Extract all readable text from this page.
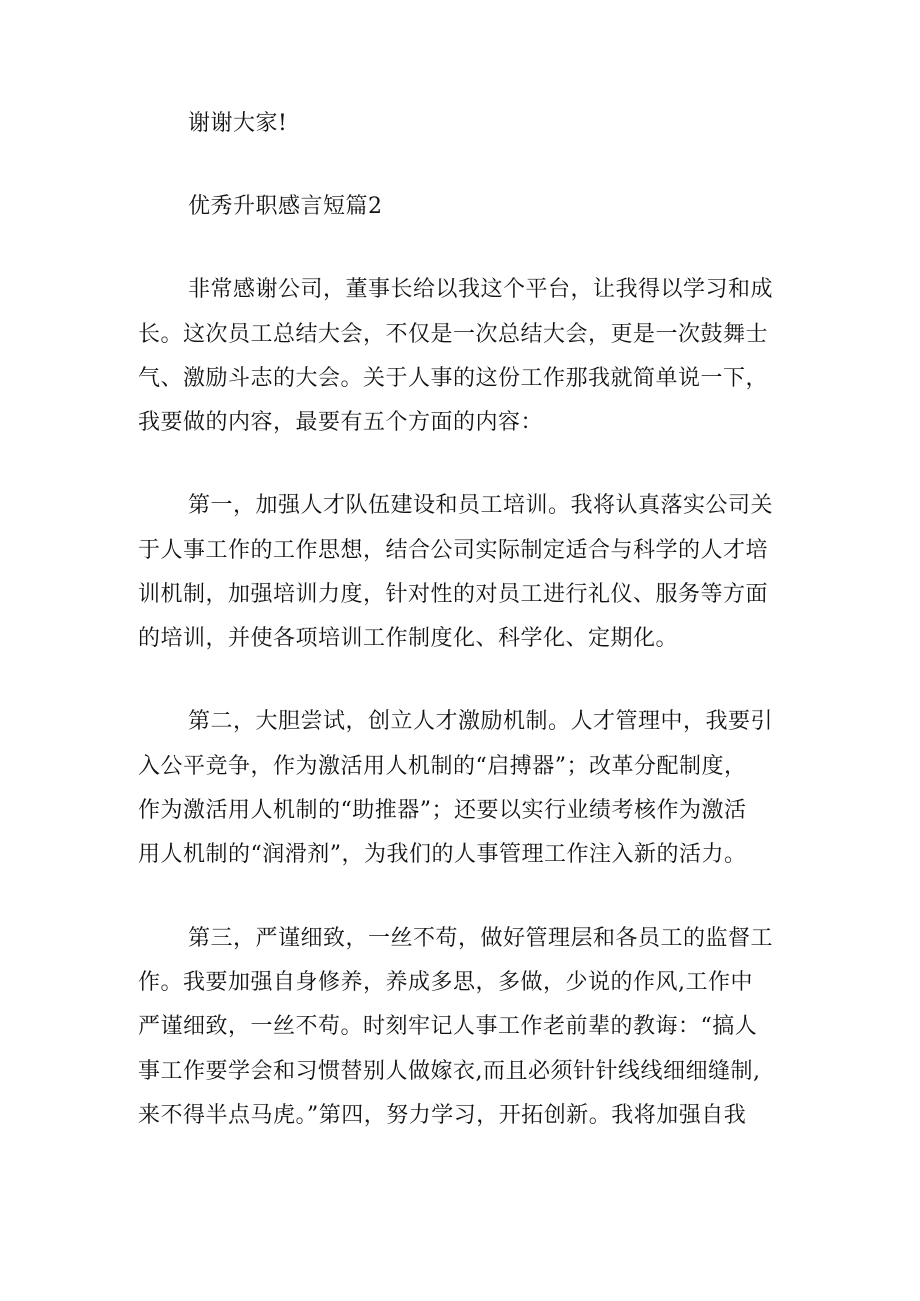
谢谢大家!
优秀升职感言短篇2
非常感谢公司，董事长给以我这个平台，让我得以学习和成
长。这次员工总结大会，不仅是一次总结大会，更是一次鼓舞士
气、激励斗志的大会。关于人事的这份工作那我就简单说一下，
我要做的内容，最要有五个方面的内容：
第一，加强人才队伍建设和员工培训。我将认真落实公司关
于人事工作的工作思想，结合公司实际制定适合与科学的人才培
训机制，加强培训力度，针对性的对员工进行礼仪、服务等方面
的培训，并使各项培训工作制度化、科学化、定期化。
第二，大胆尝试，创立人才激励机制。人才管理中，我要引
入公平竞争，作为激活用人机制的“启搏器”；改革分配制度，
作为激活用人机制的“助推器”；还要以实行业绩考核作为激活
用人机制的“润滑剂”，为我们的人事管理工作注入新的活力。
第三，严谨细致，一丝不苟，做好管理层和各员工的监督工
作。我要加强自身修养，养成多思，多做，少说的作风,工作中
严谨细致，一丝不苟。时刻牢记人事工作老前辈的教诲：“搞人
事工作要学会和习惯替别人做嫁衣,而且必须针针线线细细缝制,
来不得半点马虎。”第四，努力学习，开拓创新。我将加强自我
